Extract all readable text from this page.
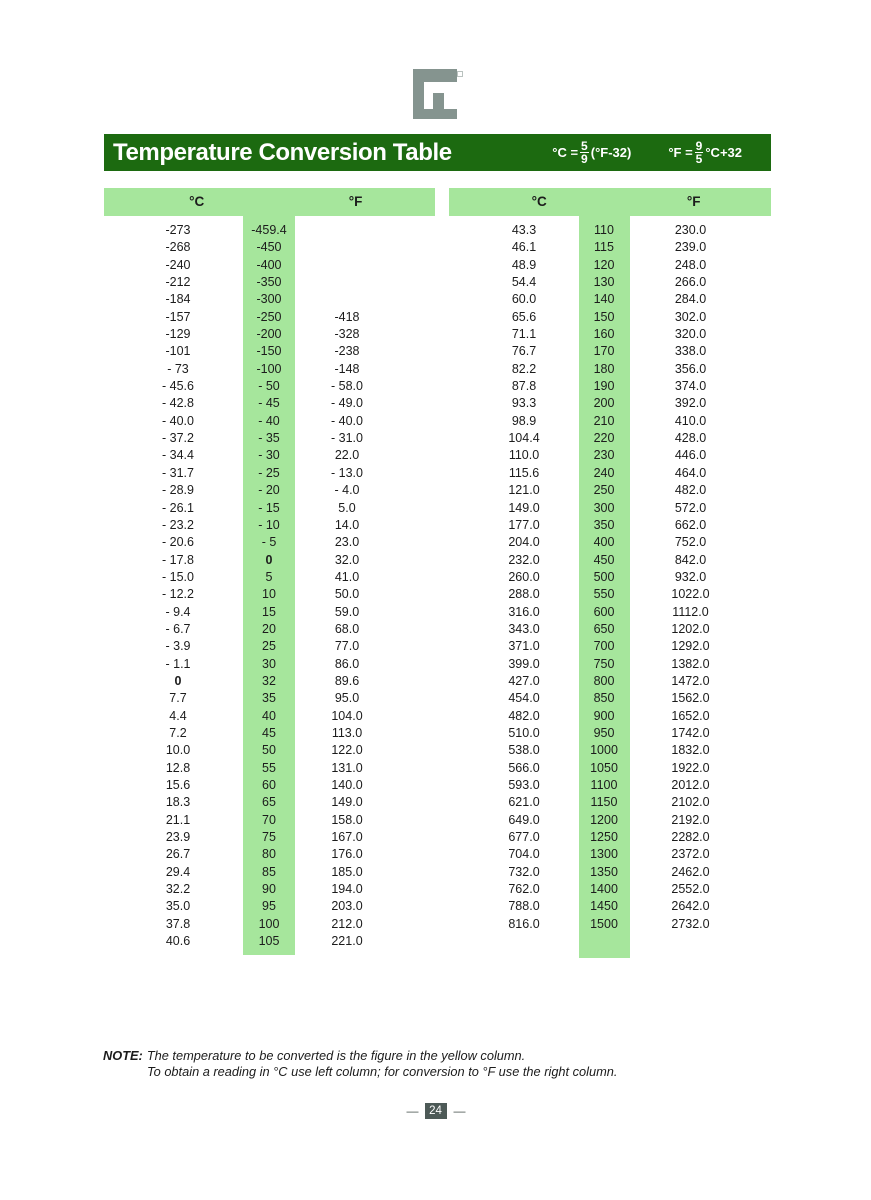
Temperature Conversion Table	$^\circ C = \frac{5}{9} (^\circ F-32)$	$^\circ F = \frac{9}{5} ^\circ C+32$
°C	°F
-273	-459.4
-268	-450
-240	-400
-212	-350
-184	-300
-157	-250	-418
-129	-200	-328
-101	-150	-238
- 73	-100	-148
- 45.6	- 50	- 58.0
- 42.8	- 45	- 49.0
- 40.0	- 40	- 40.0
- 37.2	- 35	- 31.0
- 34.4	- 30	22.0
- 31.7	- 25	- 13.0
- 28.9	- 20	- 4.0
- 26.1	- 15	5.0
- 23.2	- 10	14.0
- 20.6	- 5	23.0
- 17.8	0	32.0
- 15.0	5	41.0
- 12.2	10	50.0
- 9.4	15	59.0
- 6.7	20	68.0
- 3.9	25	77.0
- 1.1	30	86.0
0	32	89.6
7.7	35	95.0
4.4	40	104.0
7.2	45	113.0
10.0	50	122.0
12.8	55	131.0
15.6	60	140.0
18.3	65	149.0
21.1	70	158.0
23.9	75	167.0
26.7	80	176.0
29.4	85	185.0
32.2	90	194.0
35.0	95	203.0
37.8	100	212.0
40.6	105	221.0
°C	°F
43.3	110	230.0
46.1	115	239.0
48.9	120	248.0
54.4	130	266.0
60.0	140	284.0
65.6	150	302.0
71.1	160	320.0
76.7	170	338.0
82.2	180	356.0
87.8	190	374.0
93.3	200	392.0
98.9	210	410.0
104.4	220	428.0
110.0	230	446.0
115.6	240	464.0
121.0	250	482.0
149.0	300	572.0
177.0	350	662.0
204.0	400	752.0
232.0	450	842.0
260.0	500	932.0
288.0	550	1022.0
316.0	600	1112.0
343.0	650	1202.0
371.0	700	1292.0
399.0	750	1382.0
427.0	800	1472.0
454.0	850	1562.0
482.0	900	1652.0
510.0	950	1742.0
538.0	1000	1832.0
566.0	1050	1922.0
593.0	1100	2012.0
621.0	1150	2102.0
649.0	1200	2192.0
677.0	1250	2282.0
704.0	1300	2372.0
732.0	1350	2462.0
762.0	1400	2552.0
788.0	1450	2642.0
816.0	1500	2732.0
NOTE: The temperature to be converted is the figure in the yellow column.
To obtain a reading in °C use left column; for conversion to °F use the right column.
—	24 —
